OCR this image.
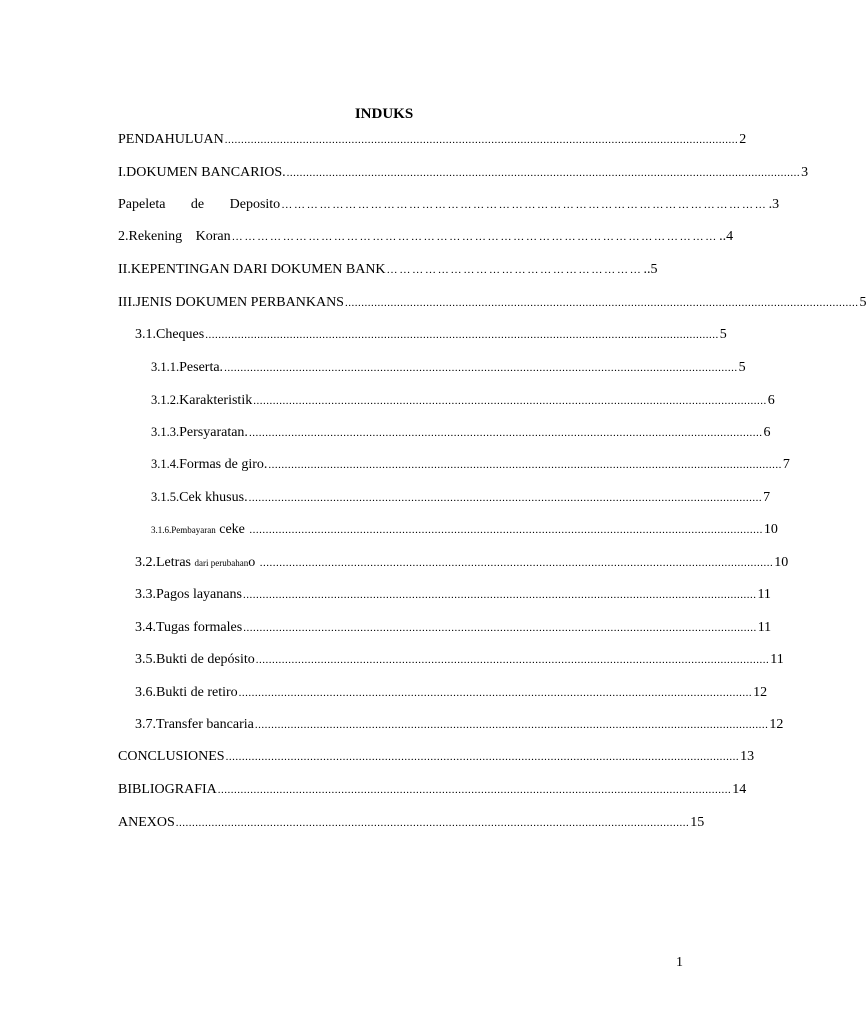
INDUKS
PENDAHULUAN .............................................................................................................................................................. 2
I. DOKUMEN BANCARIOS. .............................................................................................................................................................. 3
Papeleta de Deposito …………………………………………………………………………………………………… .3
2. Rekening Koran …………………………………………………………………………………………………… ..4
II. KEPENTINGAN DARI DOKUMEN BANK …………………………………………………… ..5
III. JENIS DOKUMEN PERBANKANS .............................................................................................................................................................. 5
3.1. Cheques .............................................................................................................................................................. 5
3.1.1. Peserta. .............................................................................................................................................................. 5
3.1.2. Karakteristik .............................................................................................................................................................. 6
3.1.3. Persyaratan. .............................................................................................................................................................. 6
3.1.4. Formas de giro. .............................................................................................................................................................. 7
3.1.5. Cek khusus. .............................................................................................................................................................. 7
3.1.6. Pembayaran ceke .............................................................................................................................................................. 10
3.2. Letras dari perubahan o .............................................................................................................................................................. 10
3.3. Pagos layanans .............................................................................................................................................................. 11
3.4. Tugas formales .............................................................................................................................................................. 11
3.5. Bukti de depósito .............................................................................................................................................................. 11
3.6. Bukti de retiro .............................................................................................................................................................. 12
3.7. Transfer bancaria .............................................................................................................................................................. 12
CONCLUSIONES .............................................................................................................................................................. 13
BIBLIOGRAFIA .............................................................................................................................................................. 14
ANEXOS .............................................................................................................................................................. 15
1
